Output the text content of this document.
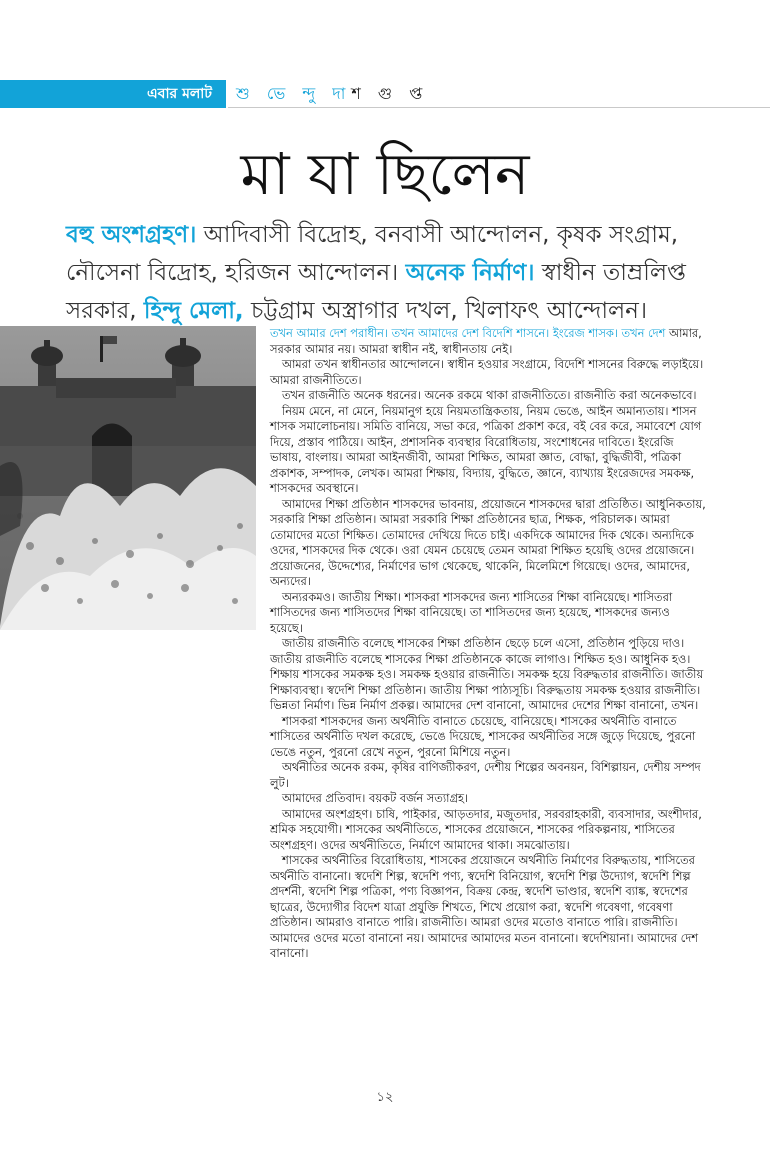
এবার মলাট	শু ভে ন্দু দাশ গু প্ত
মা যা ছিলেন

বহু অংশগ্রহণ। আদিবাসী বিদ্রোহ, বনবাসী আন্দোলন, কৃষক সংগ্রাম, নৌসেনা বিদ্রোহ, হরিজন আন্দোলন। অনেক নির্মাণ। স্বাধীন তাম্রলিপ্ত সরকার, হিন্দু মেলা, চট্টগ্রাম অস্ত্রাগার দখল, খিলাফৎ আন্দোলন।

তখন আমার দেশ পরাধীন। তখন আমাদের দেশ বিদেশি শাসনে। ইংরেজ শাসক। তখন দেশ আমার, সরকার আমার নয়। আমরা স্বাধীন নই, স্বাধীনতায় নেই।

আমরা তখন স্বাধীনতার আন্দোলনে। স্বাধীন হওয়ার সংগ্রামে, বিদেশি শাসনের বিরুদ্ধে লড়াইয়ে। আমরা রাজনীতিতে।

তখন রাজনীতি অনেক ধরনের। অনেক রকমে থাকা রাজনীতিতে। রাজনীতি করা অনেকভাবে।

নিয়ম মেনে, না মেনে, নিয়মানুগ হয়ে নিয়মতান্ত্রিকতায়, নিয়ম ভেঙে, আইন অমান্যতায়। শাসন শাসক সমালোচনায়। সমিতি বানিয়ে, সভা করে, পত্রিকা প্রকাশ করে, বই বের করে, সমাবেশে যোগ দিয়ে, প্রস্তাব পাঠিয়ে। আইন, প্রশাসনিক ব্যবস্থার বিরোধিতায়, সংশোধনের দাবিতে। ইংরেজি ভাষায়, বাংলায়। আমরা আইনজীবী, আমরা শিক্ষিত, আমরা জ্ঞাত, বোদ্ধা, বুদ্ধিজীবী, পত্রিকা প্রকাশক, সম্পাদক, লেখক। আমরা শিক্ষায়, বিদ্যায়, বুদ্ধিতে, জ্ঞানে, ব্যাখ্যায় ইংরেজদের সমকক্ষ, শাসকদের অবস্থানে।

আমাদের শিক্ষা প্রতিষ্ঠান শাসকদের ভাবনায়, প্রয়োজনে শাসকদের দ্বারা প্রতিষ্ঠিত। আধুনিকতায়, সরকারি শিক্ষা প্রতিষ্ঠান। আমরা সরকারি শিক্ষা প্রতিষ্ঠানের ছাত্র, শিক্ষক, পরিচালক। আমরা তোমাদের মতো শিক্ষিত। তোমাদের দেখিয়ে দিতে চাই। একদিকে আমাদের দিক থেকে। অন্যদিকে ওদের, শাসকদের দিক থেকে। ওরা যেমন চেয়েছে তেমন আমরা শিক্ষিত হয়েছি ওদের প্রয়োজনে। প্রয়োজনের, উদ্দেশ্যের, নির্মাণের ভাগ থেকেছে, থাকেনি, মিলেমিশে গিয়েছে। ওদের, আমাদের, অন্যদের।

অন্যরকমও। জাতীয় শিক্ষা। শাসকরা শাসকদের জন্য শাসিতের শিক্ষা বানিয়েছে। শাসিতরা শাসিতদের জন্য শাসিতদের শিক্ষা বানিয়েছে। তা শাসিতদের জন্য হয়েছে, শাসকদের জন্যও হয়েছে।

জাতীয় রাজনীতি বলেছে শাসকের শিক্ষা প্রতিষ্ঠান ছেড়ে চলে এসো, প্রতিষ্ঠান পুড়িয়ে দাও। জাতীয় রাজনীতি বলেছে শাসকের শিক্ষা প্রতিষ্ঠানকে কাজে লাগাও। শিক্ষিত হও। আধুনিক হও। শিক্ষায় শাসকের সমকক্ষ হও। সমকক্ষ হওয়ার রাজনীতি। সমকক্ষ হয়ে বিরুদ্ধতার রাজনীতি। জাতীয় শিক্ষাব্যবস্থা। স্বদেশি শিক্ষা প্রতিষ্ঠান। জাতীয় শিক্ষা পাঠ্যসূচি। বিরুদ্ধতায় সমকক্ষ হওয়ার রাজনীতি। ভিন্নতা নির্মাণ। ভিন্ন নির্মাণ প্রকল্প। আমাদের দেশ বানানো, আমাদের দেশের শিক্ষা বানানো, তখন।

শাসকরা শাসকদের জন্য অর্থনীতি বানাতে চেয়েছে, বানিয়েছে। শাসকের অর্থনীতি বানাতে শাসিতের অর্থনীতি দখল করেছে, ভেঙে দিয়েছে, শাসকের অর্থনীতির সঙ্গে জুড়ে দিয়েছে, পুরনো ভেঙে নতুন, পুরনো রেখে নতুন, পুরনো মিশিয়ে নতুন।

অর্থনীতির অনেক রকম, কৃষির বাণিজ্যীকরণ, দেশীয় শিল্পের অবনয়ন, বিশিল্পায়ন, দেশীয় সম্পদ লুট।

আমাদের প্রতিবাদ। বয়কট বর্জন সত্যাগ্রহ।

আমাদের অংশগ্রহণ। চাষি, পাইকার, আড়তদার, মজুতদার, সরবরাহকারী, ব্যবসাদার, অংশীদার, শ্রমিক সহযোগী। শাসকের অর্থনীতিতে, শাসকের প্রয়োজনে, শাসকের পরিকল্পনায়, শাসিতের অংশগ্রহণ। ওদের অর্থনীতিতে, নির্মাণে আমাদের থাকা। সমঝোতায়।

শাসকের অর্থনীতির বিরোধিতায়, শাসকের প্রয়োজনে অর্থনীতি নির্মাণের বিরুদ্ধতায়, শাসিতের অর্থনীতি বানানো। স্বদেশি শিল্প, স্বদেশি পণ্য, স্বদেশি বিনিয়োগ, স্বদেশি শিল্প উদ্যোগ, স্বদেশি শিল্প প্রদর্শনী, স্বদেশি শিল্প পত্রিকা, পণ্য বিজ্ঞাপন, বিক্রয় কেন্দ্র, স্বদেশি ভাণ্ডার, স্বদেশি ব্যাঙ্ক, স্বদেশের ছাত্রের, উদ্যোগীর বিদেশ যাত্রা প্রযুক্তি শিখতে, শিখে প্রয়োগ করা, স্বদেশি গবেষণা, গবেষণা প্রতিষ্ঠান। আমরাও বানাতে পারি। রাজনীতি। আমরা ওদের মতোও বানাতে পারি। রাজনীতি। আমাদের ওদের মতো বানানো নয়। আমাদের আমাদের মতন বানানো। স্বদেশিয়ানা। আমাদের দেশ বানানো।

১২
